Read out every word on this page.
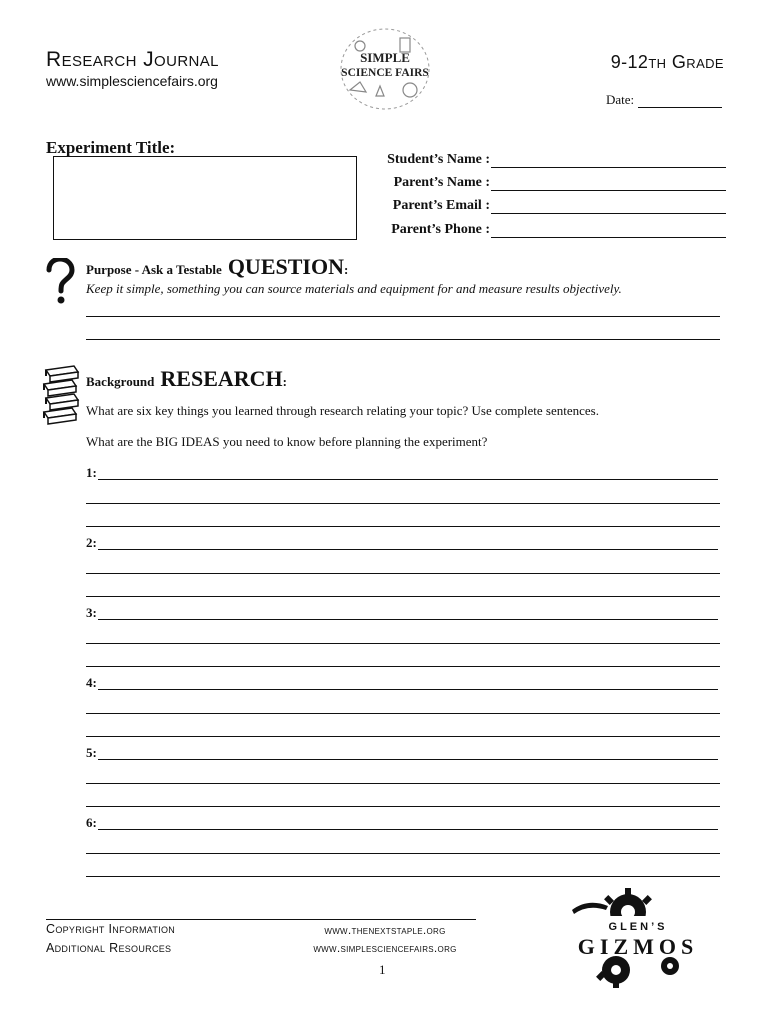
Research Journal
www.simplesciencefairs.org
SIMPLE
SCIENCE FAIRS
9-12th Grade
Date:
Experiment Title:
Student’s Name :
Parent’s Name :
Parent’s Email :
Parent’s Phone :
Purpose - Ask a Testable QUESTION:
Keep it simple, something you can source materials and equipment for and measure results objectively.
Background RESEARCH:
What are six key things you learned through research relating your topic? Use complete sentences.
What are the BIG IDEAS you need to know before planning the experiment?
1:
2:
3:
4:
5:
6:
Copyright Information
Additional Resources
www.thenextstaple.org
www.simplesciencefairs.org
1
GLEN’S
GIZMOS
